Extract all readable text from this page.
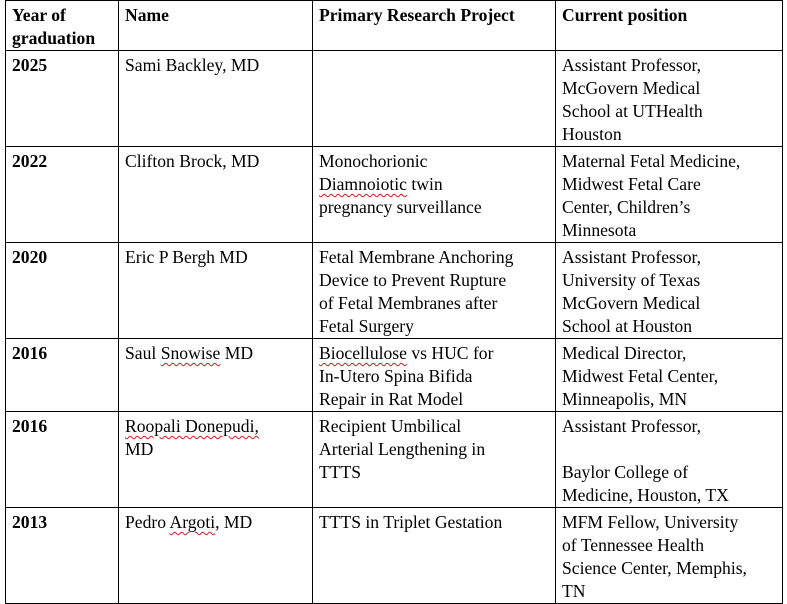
Year of
graduation	Name	Primary Research Project	Current position
2025	Sami Backley, MD		Assistant Professor,
McGovern Medical
School at UTHealth
Houston

2022	Clifton Brock, MD	Monochorionic
Diamnoiotic twin
pregnancy surveillance	Maternal Fetal Medicine,
Midwest Fetal Care
Center, Children’s
Minnesota

2020	Eric P Bergh MD	Fetal Membrane Anchoring
Device to Prevent Rupture
of Fetal Membranes after
Fetal Surgery	Assistant Professor,
University of Texas
McGovern Medical
School at Houston

2016	Saul Snowise MD	Biocellulose vs HUC for
In-Utero Spina Bifida
Repair in Rat Model	Medical Director,
Midwest Fetal Center,
Minneapolis, MN

2016	Roopali Donepudi,
MD	Recipient Umbilical
Arterial Lengthening in
TTTS	Assistant Professor,
Baylor College of
Medicine, Houston, TX

2013	Pedro Argoti, MD	TTTS in Triplet Gestation	MFM Fellow, University
of Tennessee Health
Science Center, Memphis,
TN
